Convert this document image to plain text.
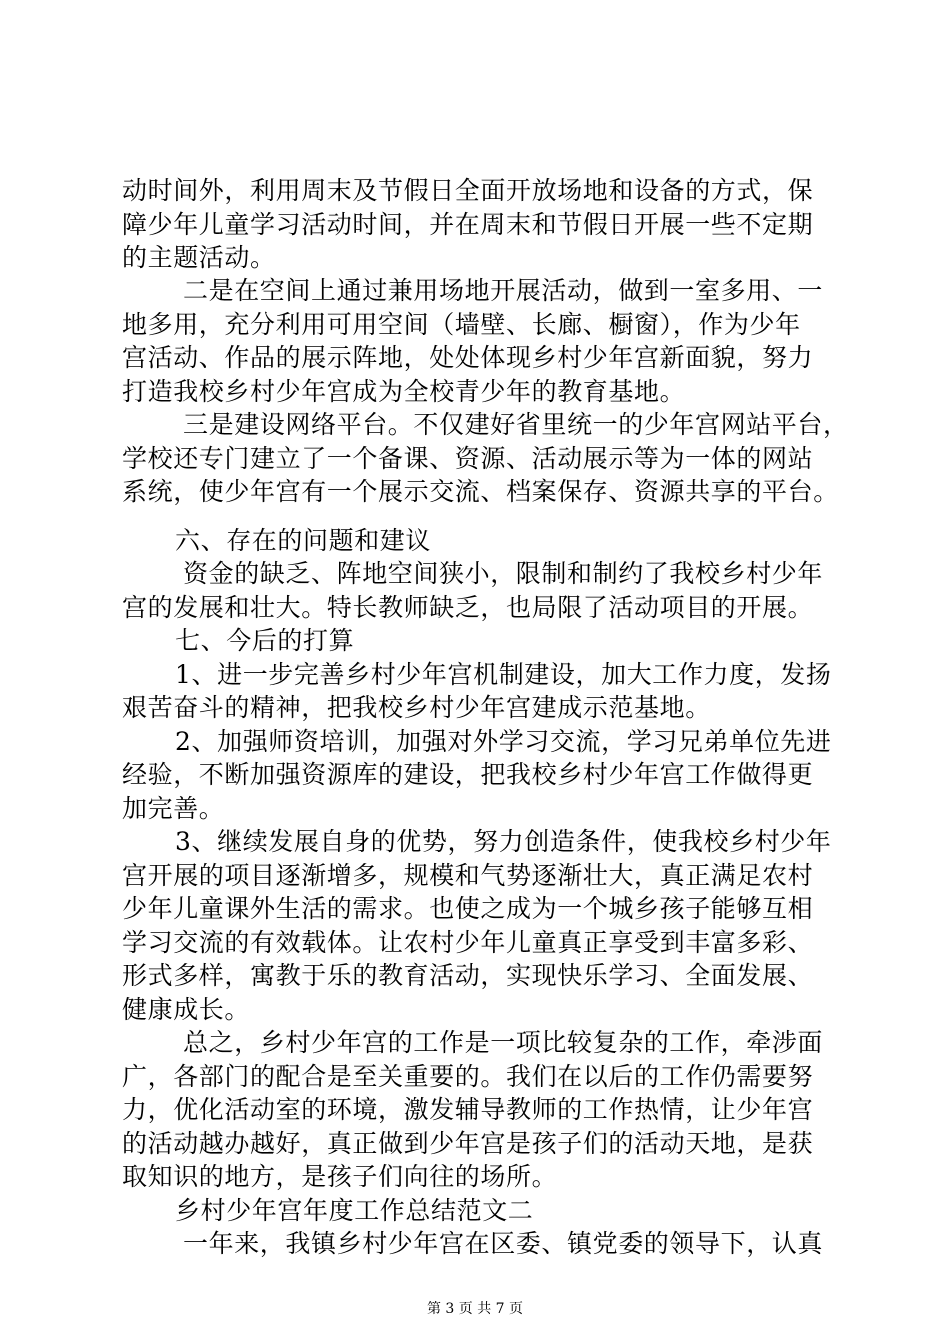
动时间外，利用周末及节假日全面开放场地和设备的方式，保
障少年儿童学习活动时间，并在周末和节假日开展一些不定期
的主题活动。
二是在空间上通过兼用场地开展活动，做到一室多用、一
地多用，充分利用可用空间（墙壁、长廊、橱窗），作为少年
宫活动、作品的展示阵地，处处体现乡村少年宫新面貌，努力
打造我校乡村少年宫成为全校青少年的教育基地。
三是建设网络平台。不仅建好省里统一的少年宫网站平台，
学校还专门建立了一个备课、资源、活动展示等为一体的网站
系统，使少年宫有一个展示交流、档案保存、资源共享的平台。
六、存在的问题和建议
资金的缺乏、阵地空间狭小，限制和制约了我校乡村少年
宫的发展和壮大。特长教师缺乏，也局限了活动项目的开展。
七、今后的打算
1、进一步完善乡村少年宫机制建设，加大工作力度，发扬
艰苦奋斗的精神，把我校乡村少年宫建成示范基地。
2、加强师资培训，加强对外学习交流，学习兄弟单位先进
经验，不断加强资源库的建设，把我校乡村少年宫工作做得更
加完善。
3、继续发展自身的优势，努力创造条件，使我校乡村少年
宫开展的项目逐渐增多，规模和气势逐渐壮大，真正满足农村
少年儿童课外生活的需求。也使之成为一个城乡孩子能够互相
学习交流的有效载体。让农村少年儿童真正享受到丰富多彩、
形式多样，寓教于乐的教育活动，实现快乐学习、全面发展、
健康成长。
总之，乡村少年宫的工作是一项比较复杂的工作，牵涉面
广，各部门的配合是至关重要的。我们在以后的工作仍需要努
力，优化活动室的环境，激发辅导教师的工作热情，让少年宫
的活动越办越好，真正做到少年宫是孩子们的活动天地，是获
取知识的地方，是孩子们向往的场所。
乡村少年宫年度工作总结范文二
一年来，我镇乡村少年宫在区委、镇党委的领导下，认真
第 3 页 共 7 页
